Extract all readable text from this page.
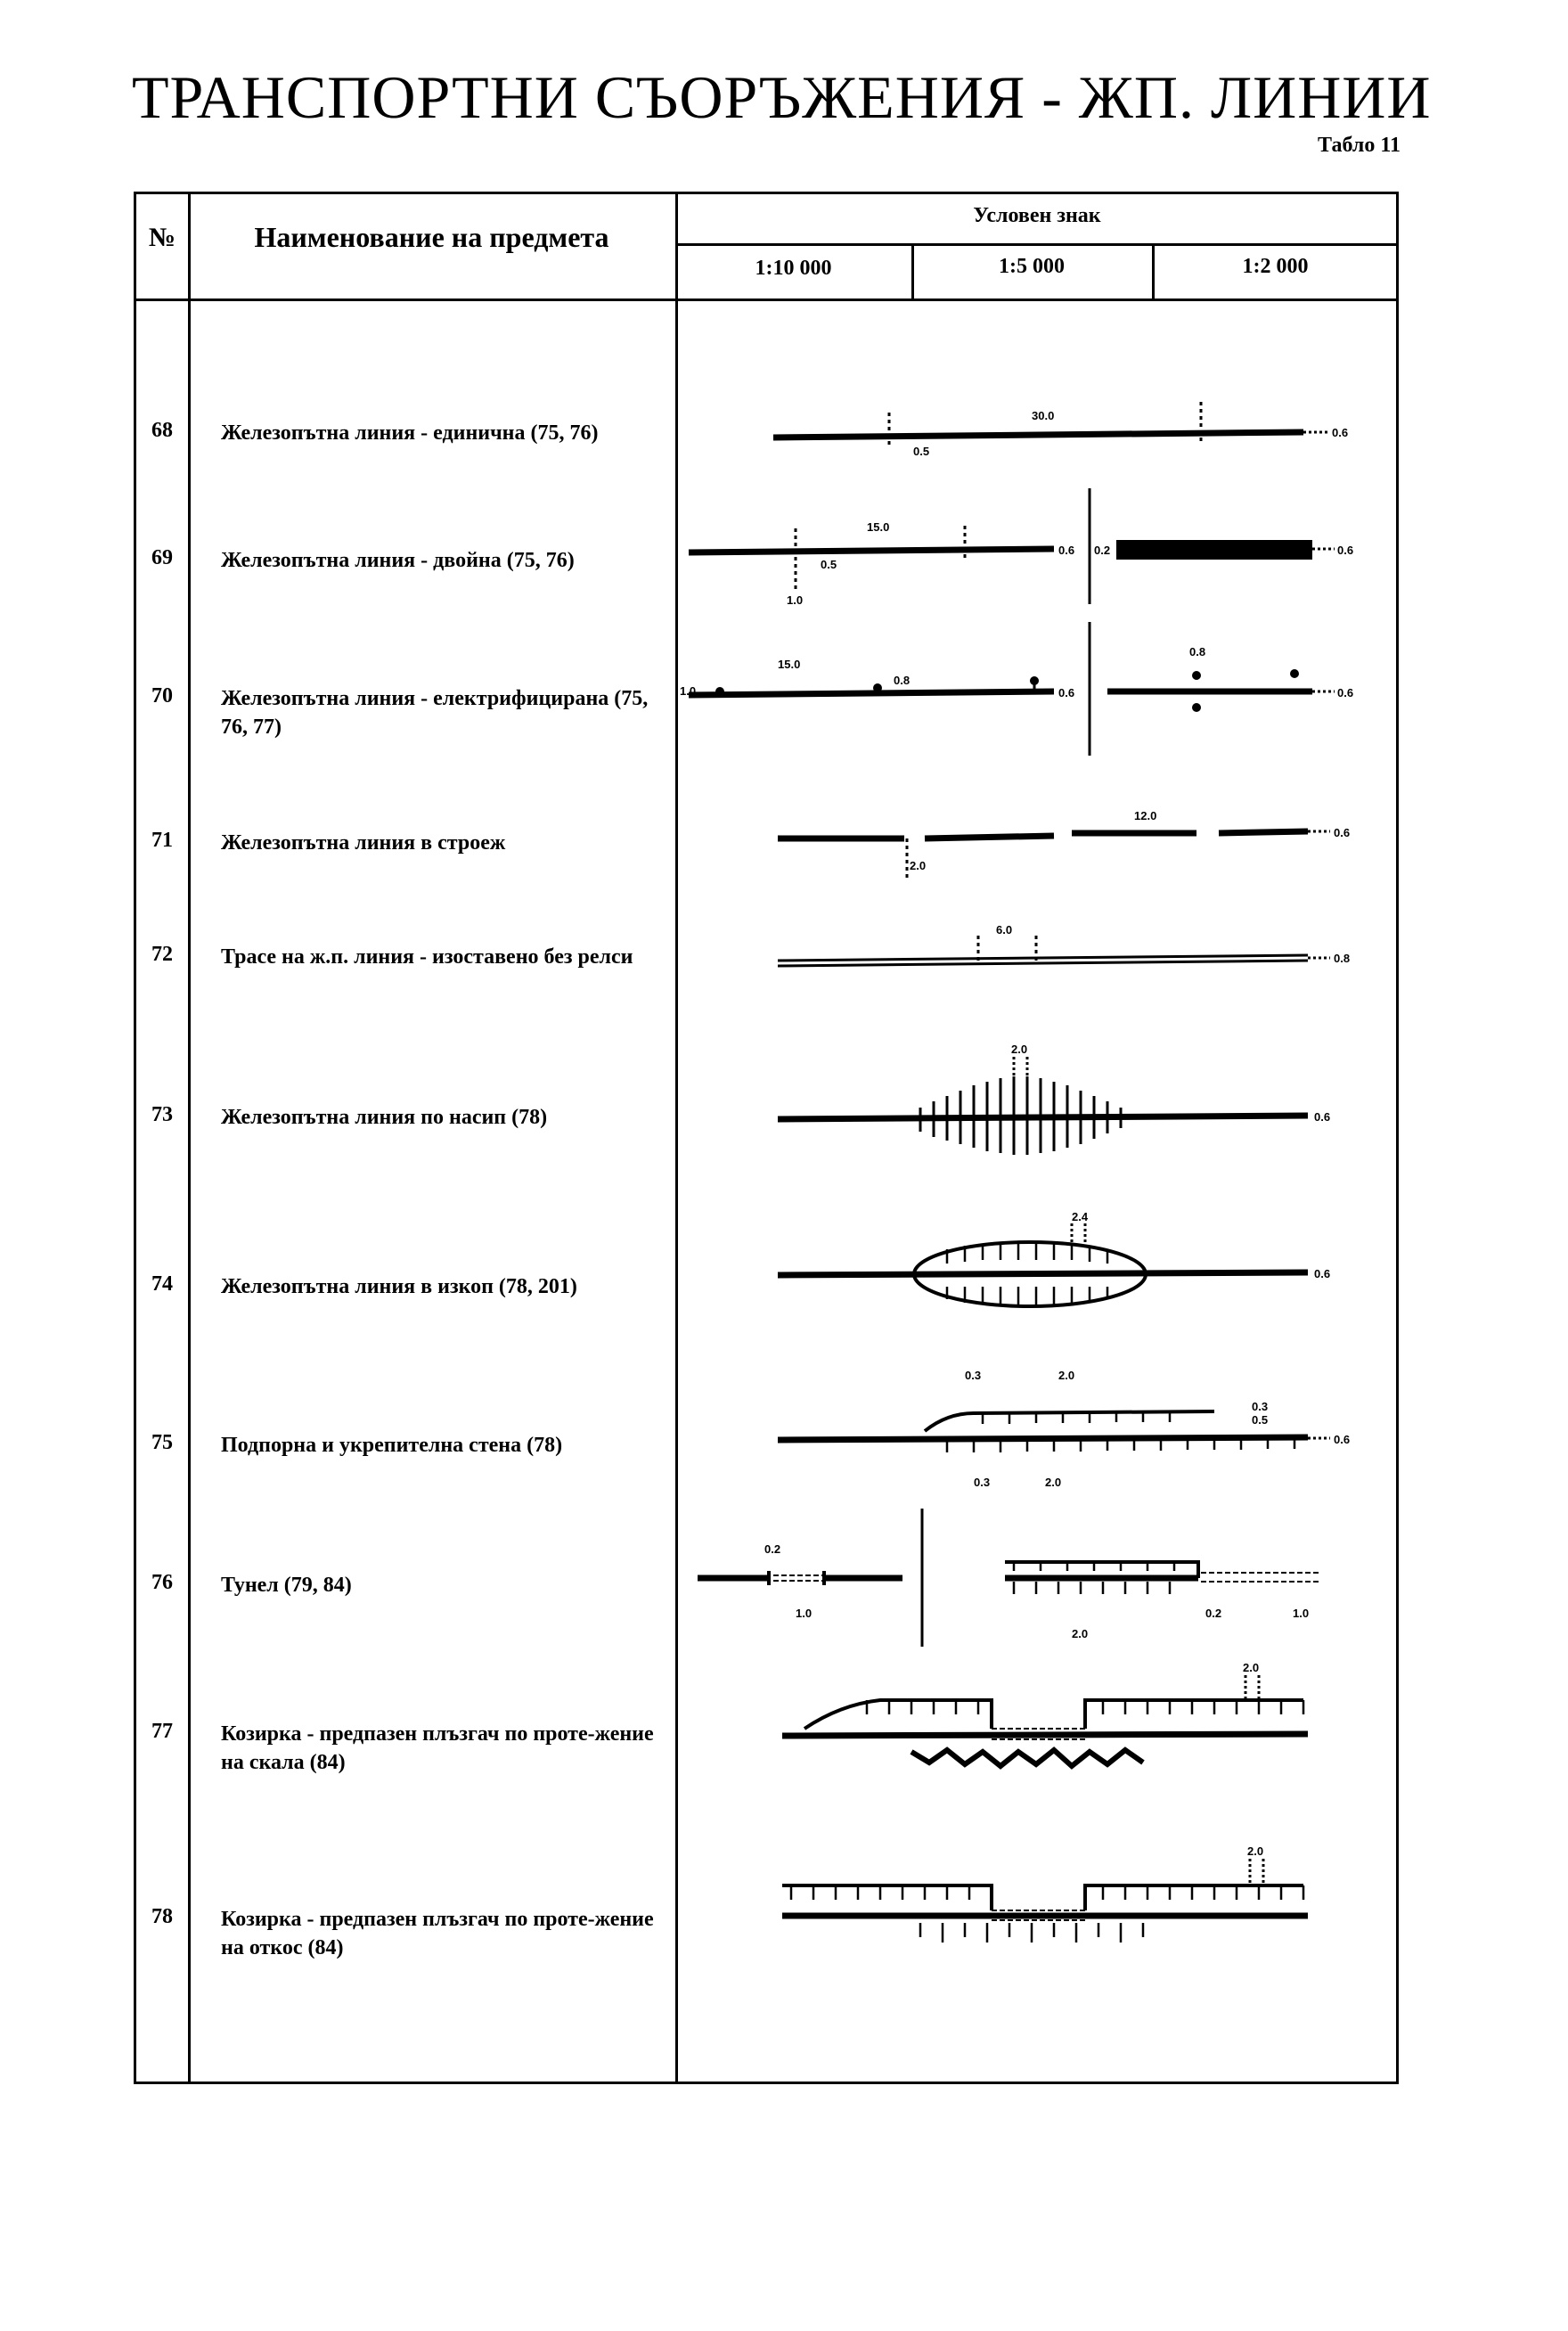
ТРАНСПОРТНИ СЪОРЪЖЕНИЯ - ЖП. ЛИНИИ
Табло 11
№	Наименование на предмета
Условен знак
1:10 000	1:5 000	1:2 000
68	Железопътна линия - единична (75, 76)
30.0
0.5
0.6
69	Железопътна линия - двойна (75, 76)
15.0
0.5
1.0
0.6 0.2	0.6
70	Железопътна линия - електрифицирана (75, 76, 77)
1.0
15.0
0.8
0.6
0.8
0.6
71	Железопътна линия в строеж
12.0
2.0
0.6
72	Трасе на ж.п. линия - изоставено без релси
6.0
0.8
73	Железопътна линия по насип (78)
2.0
0.6
74	Железопътна линия в изкоп (78, 201)
2.4
0.6
75	Подпорна и укрепителна стена (78)
0.3	2.0
0.3
0.5
0.3	2.0
0.6
76	Тунел (79, 84)
0.2
1.0
2.0
0.2	1.0
77	Козирка - предпазен плъзгач по проте-жение на скала (84)
2.0
78	Козирка - предпазен плъзгач по проте-жение на откос (84)
2.0
